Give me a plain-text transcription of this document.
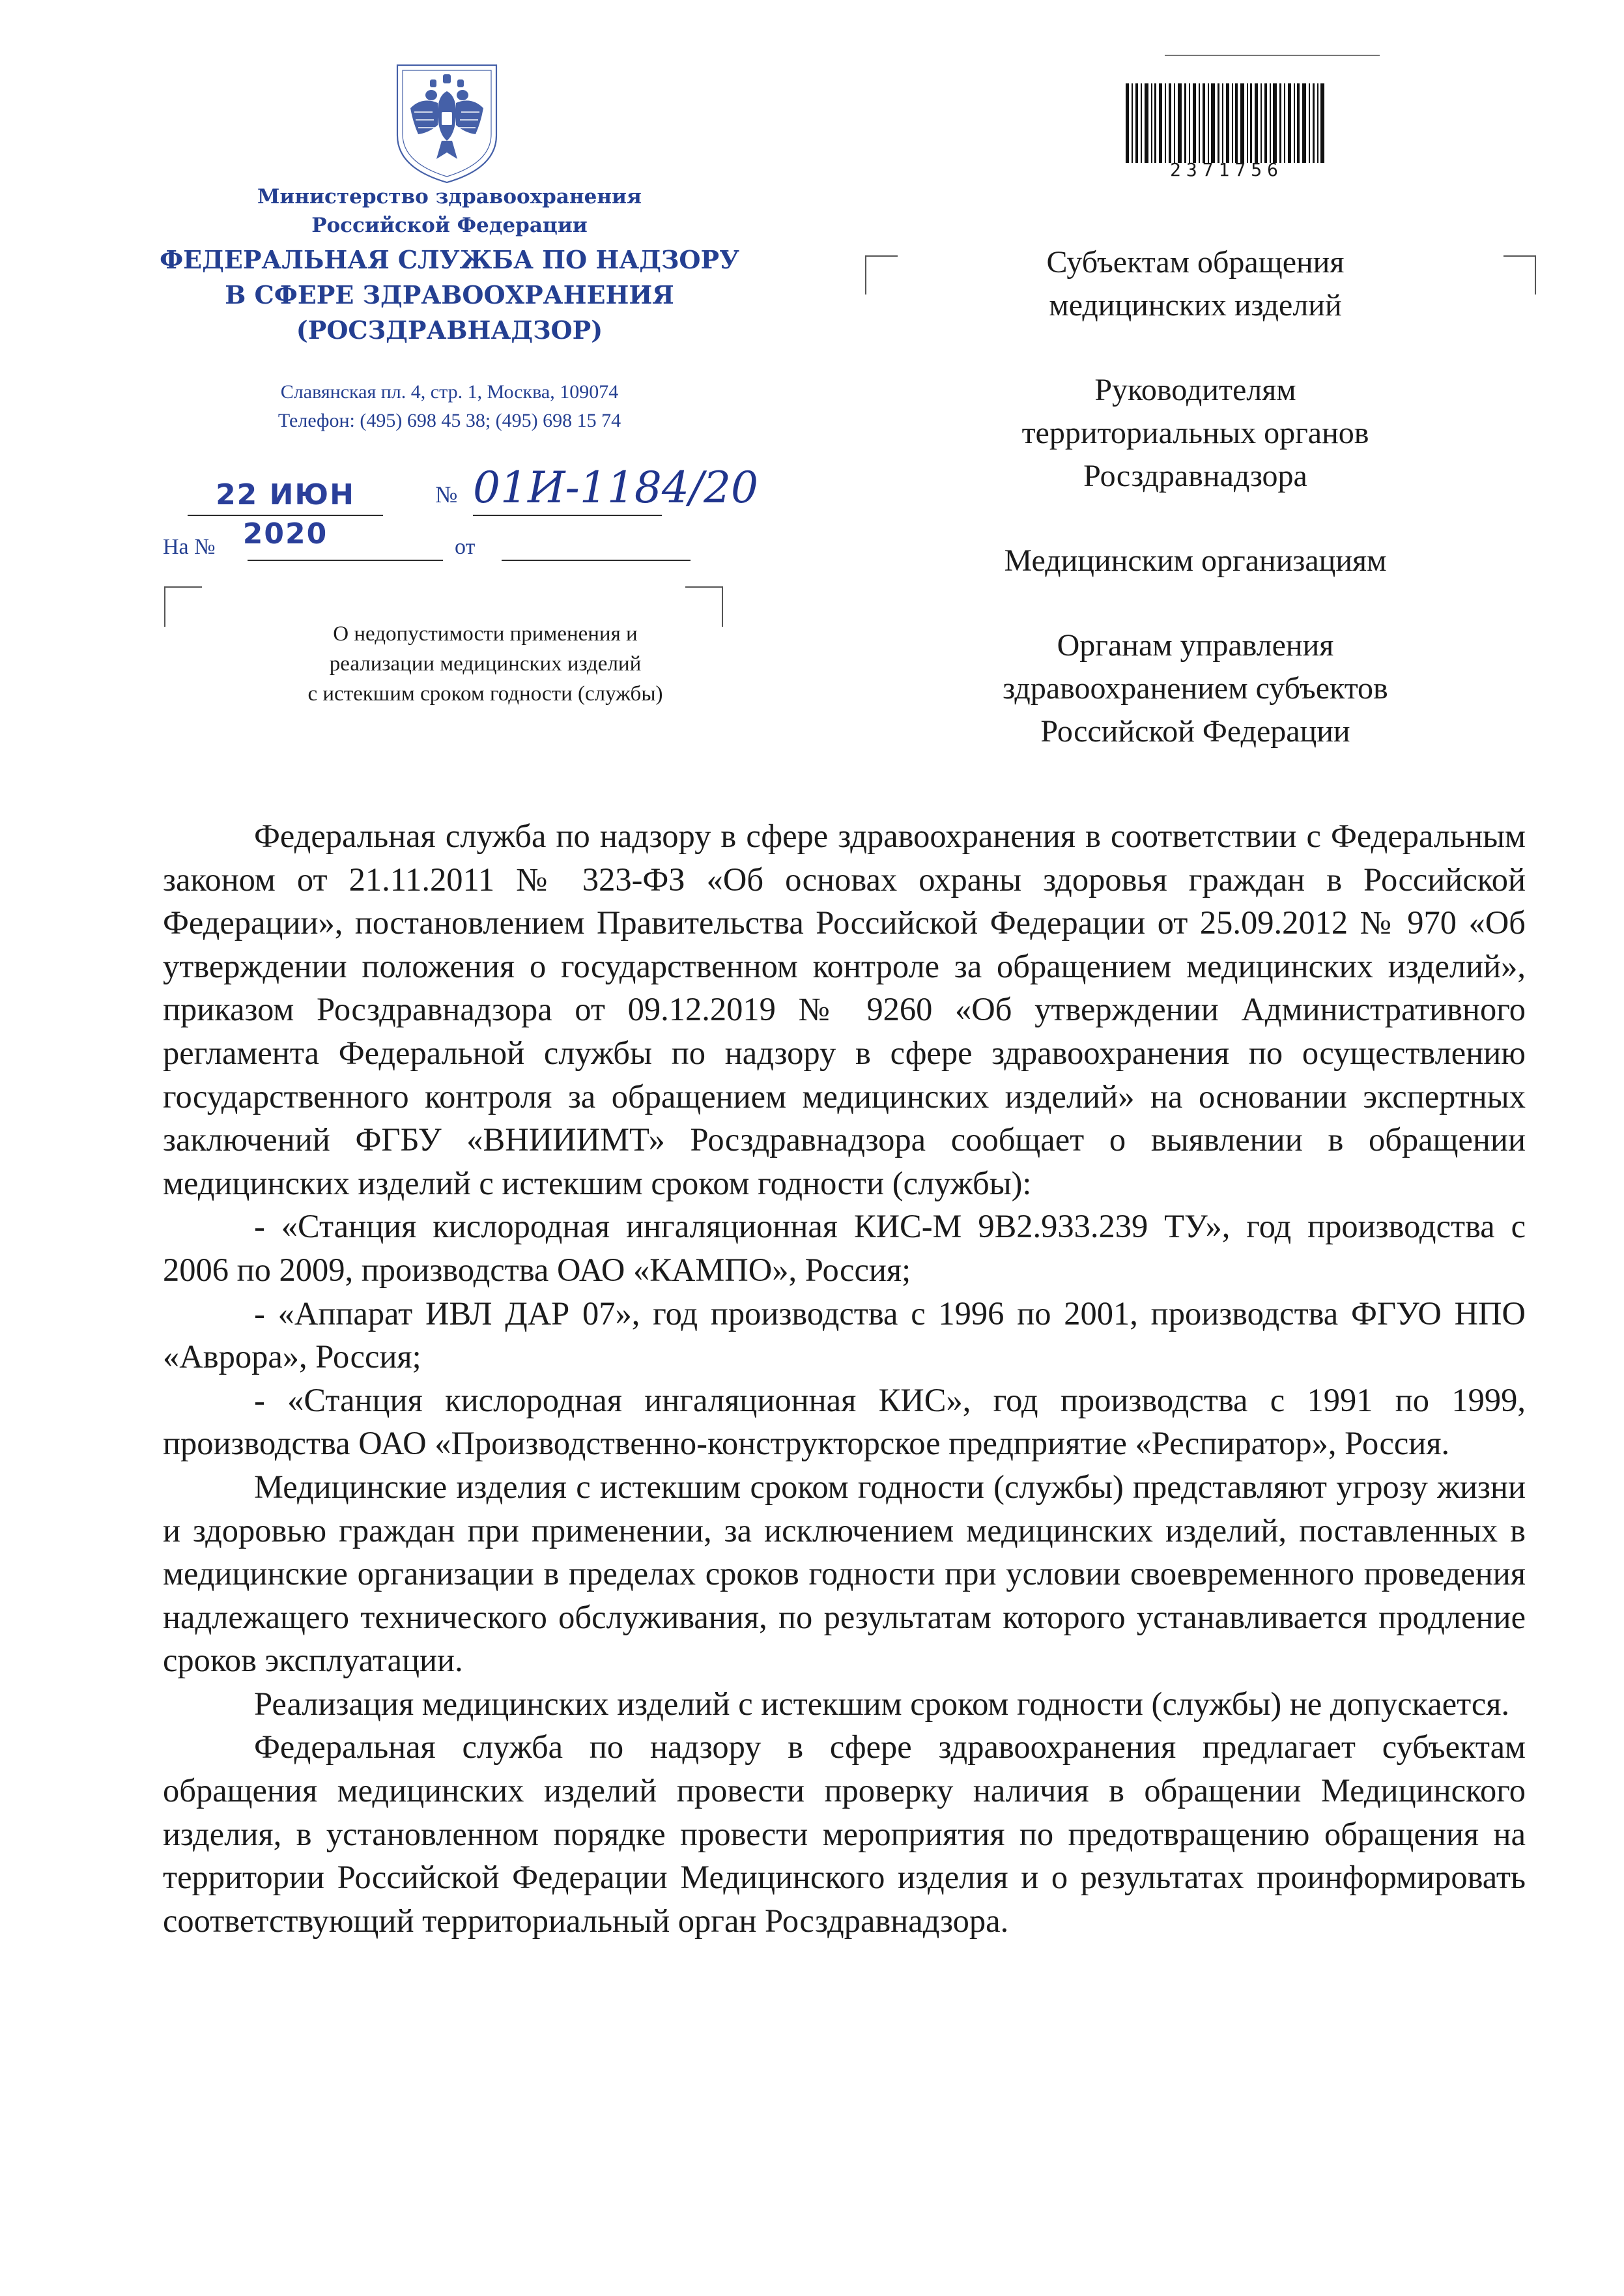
Министерство здравоохранения
Российской Федерации
ФЕДЕРАЛЬНАЯ СЛУЖБА ПО НАДЗОРУ
В СФЕРЕ ЗДРАВООХРАНЕНИЯ
(РОСЗДРАВНАДЗОР)
Славянская пл. 4, стр. 1, Москва, 109074
Телефон: (495) 698 45 38; (495) 698 15 74
22 ИЮН 2020
№ 01И-1184/20
На №	от
О недопустимости применения и
реализации медицинских изделий
с истекшим сроком годности (службы)
2371756

Субъектам обращения
медицинских изделий

Руководителям
территориальных органов
Росздравнадзора

Медицинским организациям

Органам управления
здравоохранением субъектов
Российской Федерации

Федеральная служба по надзору в сфере здравоохранения в соответствии с Федеральным законом от 21.11.2011 № 323-ФЗ «Об основах охраны здоровья граждан в Российской Федерации», постановлением Правительства Российской Федерации от 25.09.2012 № 970 «Об утверждении положения о государственном контроле за обращением медицинских изделий», приказом Росздравнадзора от 09.12.2019 № 9260 «Об утверждении Административного регламента Федеральной службы по надзору в сфере здравоохранения по осуществлению государственного контроля за обращением медицинских изделий» на основании экспертных заключений ФГБУ «ВНИИИМТ» Росздравнадзора сообщает о выявлении в обращении медицинских изделий с истекшим сроком годности (службы):

- «Станция кислородная ингаляционная КИС-М 9В2.933.239 ТУ», год производства с 2006 по 2009, производства ОАО «КАМПО», Россия;

- «Аппарат ИВЛ ДАР 07», год производства с 1996 по 2001, производства ФГУО НПО «Аврора», Россия;

- «Станция кислородная ингаляционная КИС», год производства с 1991 по 1999, производства ОАО «Производственно-конструкторское предприятие «Респиратор», Россия.

Медицинские изделия с истекшим сроком годности (службы) представляют угрозу жизни и здоровью граждан при применении, за исключением медицинских изделий, поставленных в медицинские организации в пределах сроков годности при условии своевременного проведения надлежащего технического обслуживания, по результатам которого устанавливается продление сроков эксплуатации.

Реализация медицинских изделий с истекшим сроком годности (службы) не допускается.

Федеральная служба по надзору в сфере здравоохранения предлагает субъектам обращения медицинских изделий провести проверку наличия в обращении Медицинского изделия, в установленном порядке провести мероприятия по предотвращению обращения на территории Российской Федерации Медицинского изделия и о результатах проинформировать соответствующий территориальный орган Росздравнадзора.
